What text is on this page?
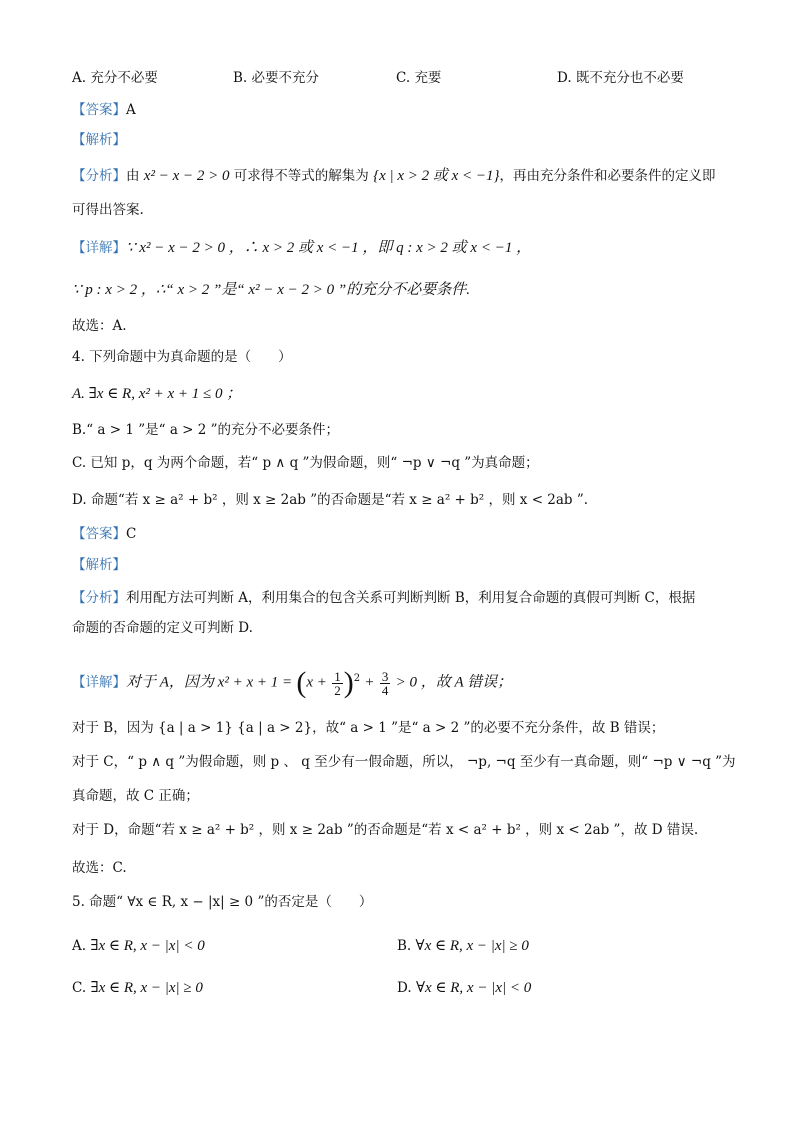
A. 充分不必要	B. 必要不充分	C. 充要	D. 既不充分也不必要
【答案】A
【解析】
【分析】由 x² − x − 2 > 0 可求得不等式的解集为 {x | x > 2 或 x < −1}，再由充分条件和必要条件的定义即
可得出答案.
【详解】∵ x² − x − 2 > 0 ，∴ x > 2 或 x < −1 ，即 q : x > 2 或 x < −1 ，
∵ p : x > 2 ，∴“ x > 2 ”是“ x² − x − 2 > 0 ”的充分不必要条件.
故选：A.
4. 下列命题中为真命题的是（　　）
A. ∃x ∈ R, x² + x + 1 ≤ 0 ；
B.“ a > 1 ”是“ a > 2 ”的充分不必要条件；
C. 已知 p，q 为两个命题，若“ p ∧ q ”为假命题，则“ ¬p ∨ ¬q ”为真命题；
D. 命题“若 x ≥ a² + b² ，则 x ≥ 2ab ”的否命题是“若 x ≥ a² + b² ，则 x < 2ab ”.
【答案】C
【解析】
【分析】利用配方法可判断 A，利用集合的包含关系可判断判断 B，利用复合命题的真假可判断 C，根据
命题的否命题的定义可判断 D.
【详解】对于 A，因为 $x^2 + x + 1 = (x + \frac{1}{2} )^2 + \frac{3}{4} > 0$ ，故 A 错误；
对于 B，因为 {a | a > 1} {a | a > 2}，故“ a > 1 ”是“ a > 2 ”的必要不充分条件，故 B 错误；
对于 C，“ p ∧ q ”为假命题，则 p 、 q 至少有一假命题，所以， ¬p, ¬q 至少有一真命题，则“ ¬p ∨ ¬q ”为
真命题，故 C 正确；
对于 D，命题“若 x ≥ a² + b² ，则 x ≥ 2ab ”的否命题是“若 x < a² + b² ，则 x < 2ab ”，故 D 错误.
故选：C.
5. 命题“ ∀x ∈ R, x − |x| ≥ 0 ”的否定是（　　）
A. ∃x ∈ R, x − |x| < 0	B. ∀x ∈ R, x − |x| ≥ 0
C. ∃x ∈ R, x − |x| ≥ 0	D. ∀x ∈ R, x − |x| < 0
